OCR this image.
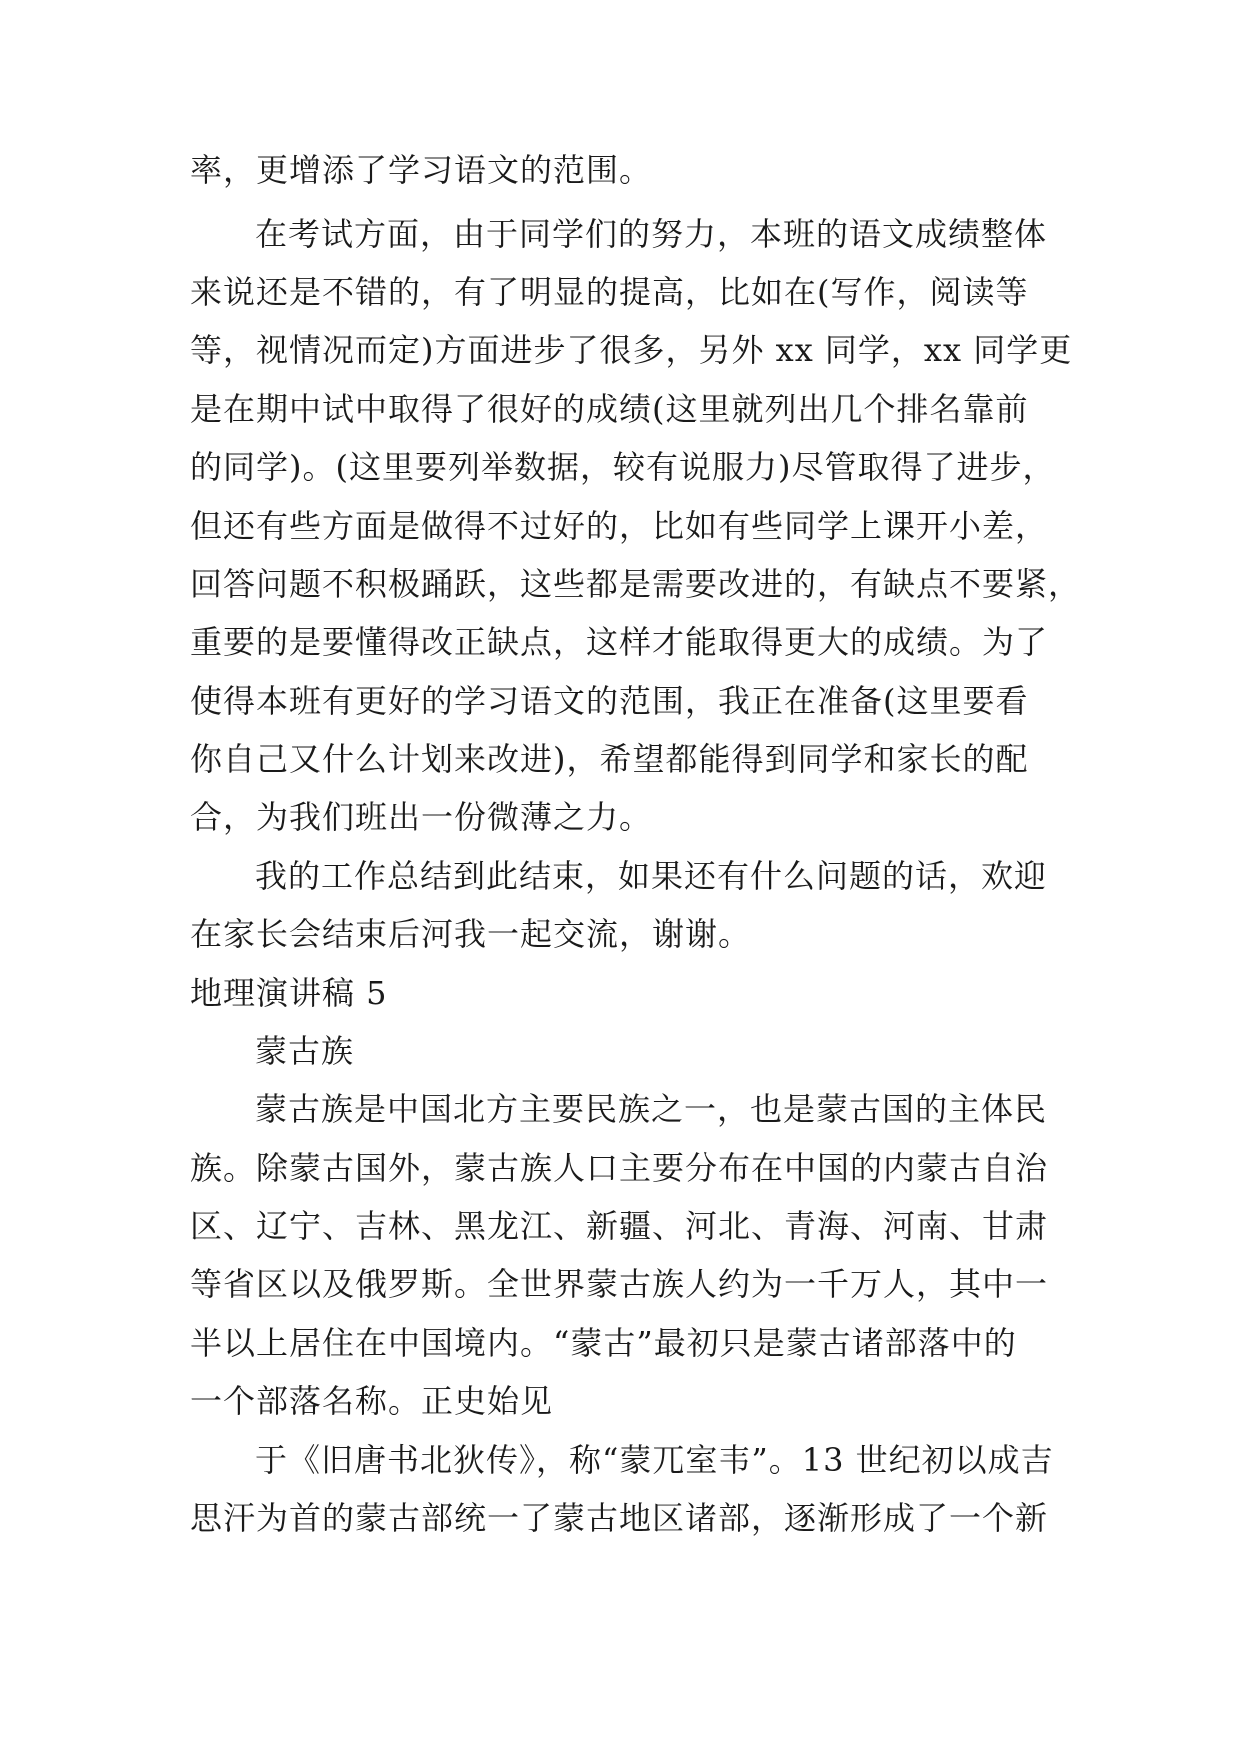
率，更增添了学习语文的范围。
在考试方面，由于同学们的努力，本班的语文成绩整体
来说还是不错的，有了明显的提高，比如在(写作，阅读等
等，视情况而定)方面进步了很多，另外 xx 同学，xx 同学更
是在期中试中取得了很好的成绩(这里就列出几个排名靠前
的同学)。(这里要列举数据，较有说服力)尽管取得了进步，
但还有些方面是做得不过好的，比如有些同学上课开小差，
回答问题不积极踊跃，这些都是需要改进的，有缺点不要紧，
重要的是要懂得改正缺点，这样才能取得更大的成绩。为了
使得本班有更好的学习语文的范围，我正在准备(这里要看
你自己又什么计划来改进)，希望都能得到同学和家长的配
合，为我们班出一份微薄之力。
我的工作总结到此结束，如果还有什么问题的话，欢迎
在家长会结束后河我一起交流，谢谢。
地理演讲稿 5
蒙古族
蒙古族是中国北方主要民族之一，也是蒙古国的主体民
族。除蒙古国外，蒙古族人口主要分布在中国的内蒙古自治
区、辽宁、吉林、黑龙江、新疆、河北、青海、河南、甘肃
等省区以及俄罗斯。全世界蒙古族人约为一千万人，其中一
半以上居住在中国境内。“蒙古”最初只是蒙古诸部落中的
一个部落名称。正史始见
于《旧唐书北狄传》，称“蒙兀室韦”。13 世纪初以成吉
思汗为首的蒙古部统一了蒙古地区诸部，逐渐形成了一个新
